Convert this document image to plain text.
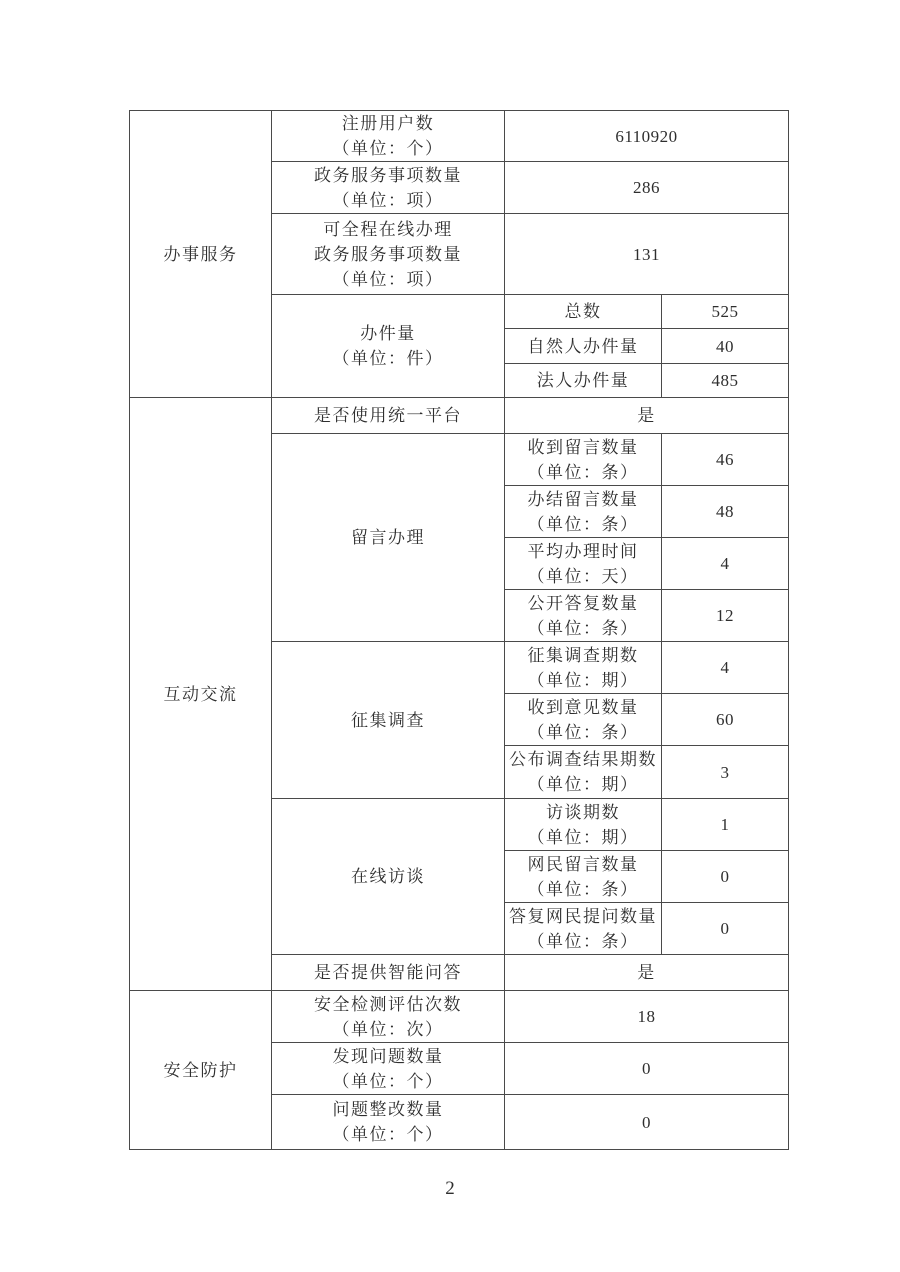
办事服务	注册用户数
（单位：个）	6110920	

	政务服务事项数量
（单位：项）	286	

	可全程在线办理
政务服务事项数量
（单位：项）	131	

	办件量
（单位：件）	总数	525
		自然人办件量	40
		法人办件量	485
互动交流	是否使用统一平台	是	
	留言办理	收到留言数量
（单位：条）	46

		办结留言数量
（单位：条）	48

		平均办理时间
（单位：天）	4

		公开答复数量
（单位：条）	12
	征集调查	征集调查期数
（单位：期）	4

		收到意见数量
（单位：条）	60

		公布调查结果期数
（单位：期）	3
	在线访谈	访谈期数
（单位：期）	1

		网民留言数量
（单位：条）	0

		答复网民提问数量
（单位：条）	0
	是否提供智能问答	是	
安全防护	安全检测评估次数
（单位：次）	18	

	发现问题数量
（单位：个）	0	

	问题整改数量
（单位：个）	0	
2
